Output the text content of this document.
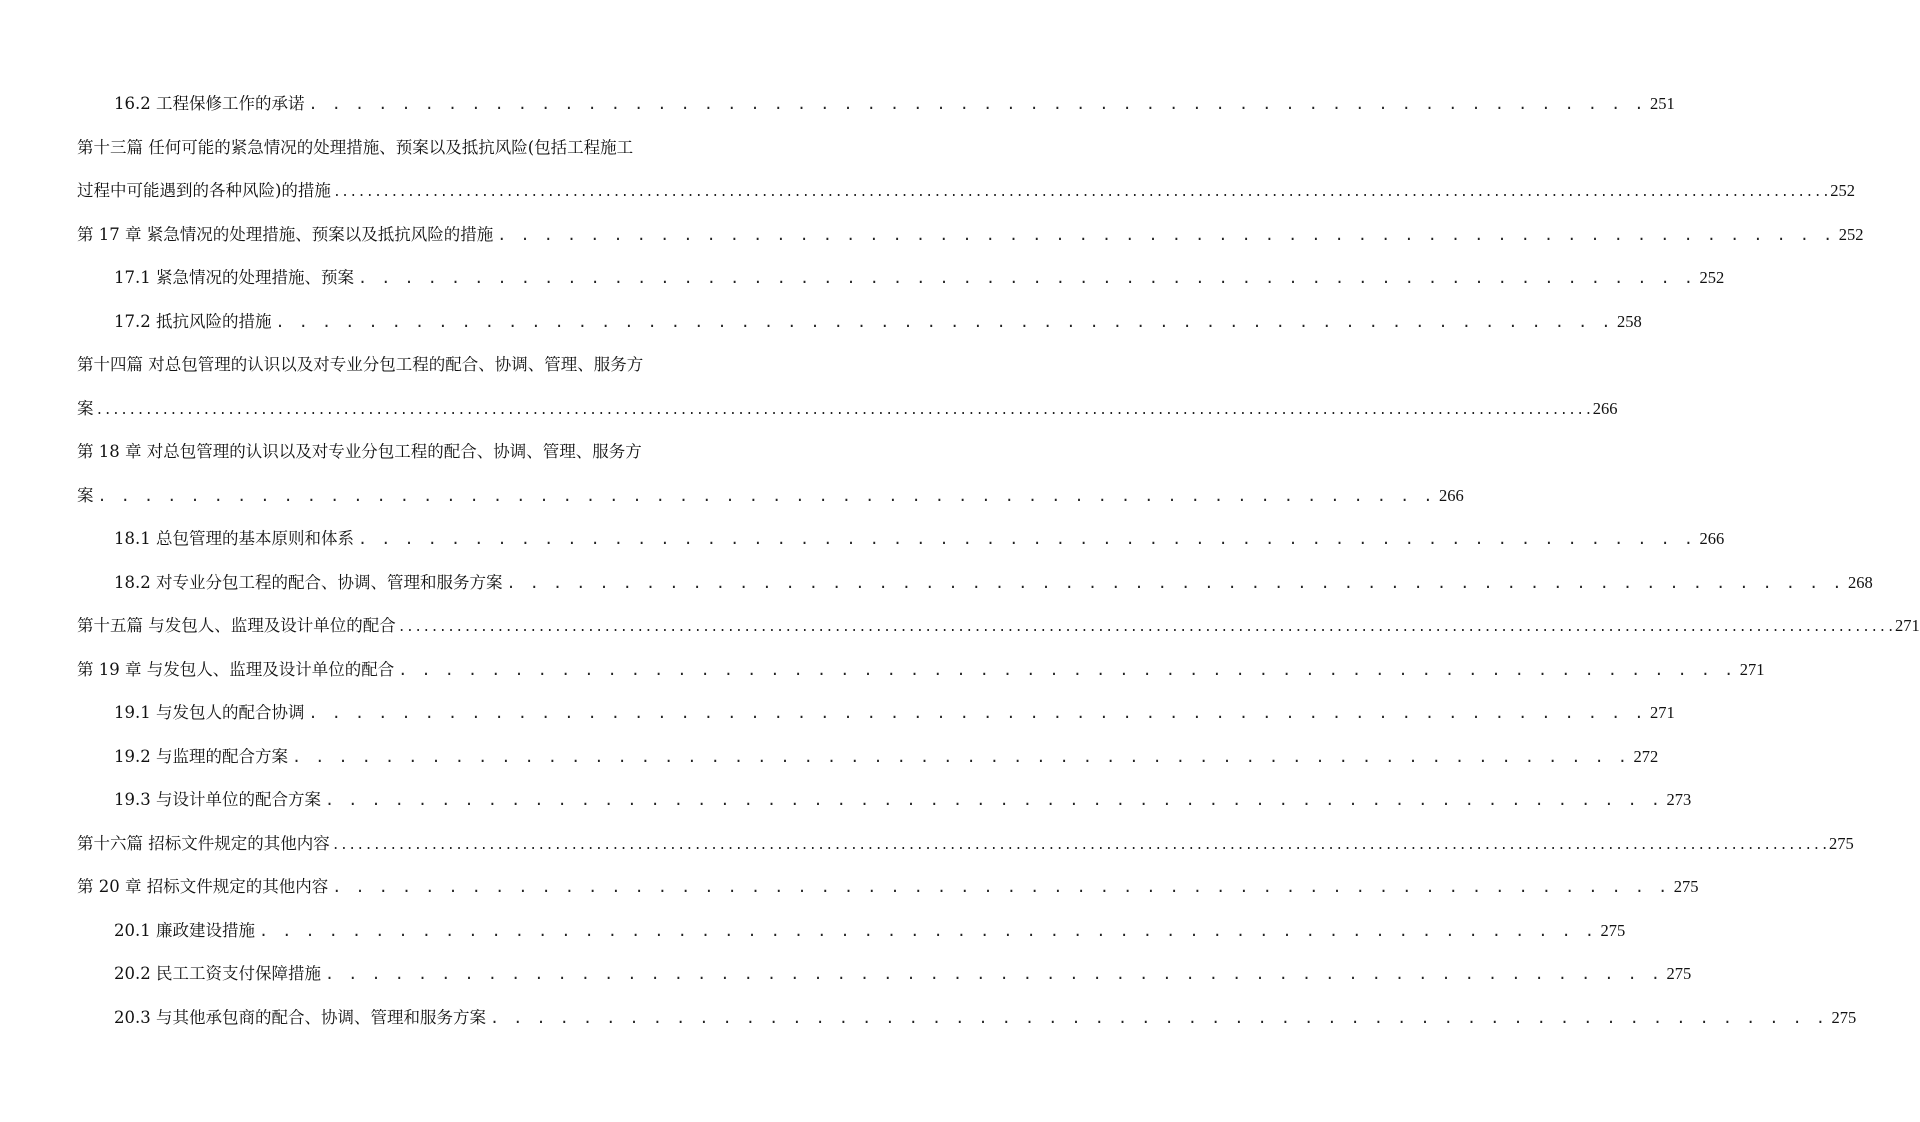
16.2 工程保修工作的承诺 . . . . . . . . . . . . . . . . . . . . . . . . . . . . . . . . . . . . . . . . . . . . . . . . . . . . . . . . . . 251
第十三篇 任何可能的紧急情况的处理措施、预案以及抵抗风险(包括工程施工
过程中可能遇到的各种风险)的措施 ...................................................................................................................................................................................... 252
第 17 章 紧急情况的处理措施、预案以及抵抗风险的措施 . . . . . . . . . . . . . . . . . . . . . . . . . . . . . . . . . . . . . . . . . . . . . . . . . . . . . . . . . . 252
17.1 紧急情况的处理措施、预案 . . . . . . . . . . . . . . . . . . . . . . . . . . . . . . . . . . . . . . . . . . . . . . . . . . . . . . . . . . 252
17.2 抵抗风险的措施 . . . . . . . . . . . . . . . . . . . . . . . . . . . . . . . . . . . . . . . . . . . . . . . . . . . . . . . . . . 258
第十四篇 对总包管理的认识以及对专业分包工程的配合、协调、管理、服务方
案 ...................................................................................................................................................................................... 266
第 18 章 对总包管理的认识以及对专业分包工程的配合、协调、管理、服务方
案 . . . . . . . . . . . . . . . . . . . . . . . . . . . . . . . . . . . . . . . . . . . . . . . . . . . . . . . . . . 266
18.1 总包管理的基本原则和体系 . . . . . . . . . . . . . . . . . . . . . . . . . . . . . . . . . . . . . . . . . . . . . . . . . . . . . . . . . . 266
18.2 对专业分包工程的配合、协调、管理和服务方案 . . . . . . . . . . . . . . . . . . . . . . . . . . . . . . . . . . . . . . . . . . . . . . . . . . . . . . . . . . 268
第十五篇 与发包人、监理及设计单位的配合 ...................................................................................................................................................................................... 271
第 19 章 与发包人、监理及设计单位的配合 . . . . . . . . . . . . . . . . . . . . . . . . . . . . . . . . . . . . . . . . . . . . . . . . . . . . . . . . . . 271
19.1 与发包人的配合协调 . . . . . . . . . . . . . . . . . . . . . . . . . . . . . . . . . . . . . . . . . . . . . . . . . . . . . . . . . . 271
19.2 与监理的配合方案 . . . . . . . . . . . . . . . . . . . . . . . . . . . . . . . . . . . . . . . . . . . . . . . . . . . . . . . . . . 272
19.3 与设计单位的配合方案 . . . . . . . . . . . . . . . . . . . . . . . . . . . . . . . . . . . . . . . . . . . . . . . . . . . . . . . . . . 273
第十六篇 招标文件规定的其他内容 ...................................................................................................................................................................................... 275
第 20 章 招标文件规定的其他内容 . . . . . . . . . . . . . . . . . . . . . . . . . . . . . . . . . . . . . . . . . . . . . . . . . . . . . . . . . . 275
20.1 廉政建设措施 . . . . . . . . . . . . . . . . . . . . . . . . . . . . . . . . . . . . . . . . . . . . . . . . . . . . . . . . . . 275
20.2 民工工资支付保障措施 . . . . . . . . . . . . . . . . . . . . . . . . . . . . . . . . . . . . . . . . . . . . . . . . . . . . . . . . . . 275
20.3 与其他承包商的配合、协调、管理和服务方案 . . . . . . . . . . . . . . . . . . . . . . . . . . . . . . . . . . . . . . . . . . . . . . . . . . . . . . . . . . 275
